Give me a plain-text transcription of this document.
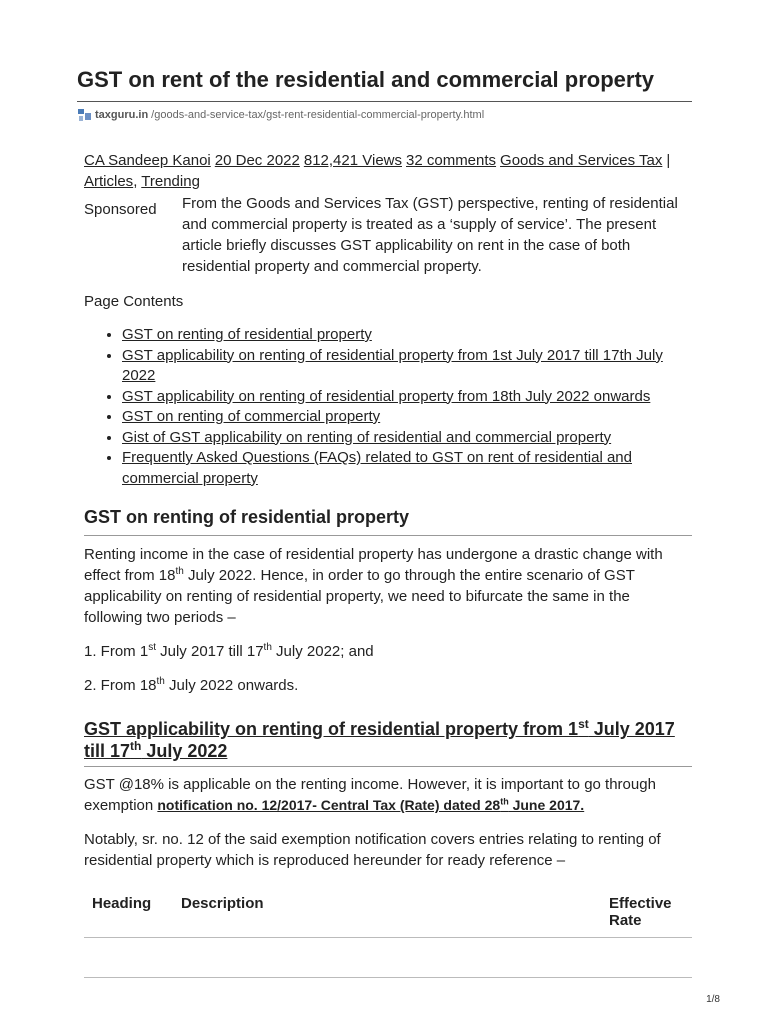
GST on rent of the residential and commercial property
taxguru.in /goods-and-service-tax/gst-rent-residential-commercial-property.html
CA Sandeep Kanoi 20 Dec 2022 812,421 Views 32 comments Goods and Services Tax |
Articles, Trending
Sponsored	From the Goods and Services Tax (GST) perspective, renting of residential and commercial property is treated as a ‘supply of service’. The present article briefly discusses GST applicability on rent in the case of both residential property and commercial property.
Page Contents
• GST on renting of residential property
• GST applicability on renting of residential property from 1st July 2017 till 17th July 2022
• GST applicability on renting of residential property from 18th July 2022 onwards
• GST on renting of commercial property
• Gist of GST applicability on renting of residential and commercial property
• Frequently Asked Questions (FAQs) related to GST on rent of residential and commercial property
GST on renting of residential property

Renting income in the case of residential property has undergone a drastic change with effect from 18th July 2022. Hence, in order to go through the entire scenario of GST applicability on renting of residential property, we need to bifurcate the same in the following two periods –

1. From 1st July 2017 till 17th July 2022; and

2. From 18th July 2022 onwards.

GST applicability on renting of residential property from 1st July 2017 till 17th July 2022

GST @18% is applicable on the renting income. However, it is important to go through exemption notification no. 12/2017- Central Tax (Rate) dated 28th June 2017.

Notably, sr. no. 12 of the said exemption notification covers entries relating to renting of residential property which is reproduced hereunder for ready reference –

Heading	Description	Effective Rate

1/8
